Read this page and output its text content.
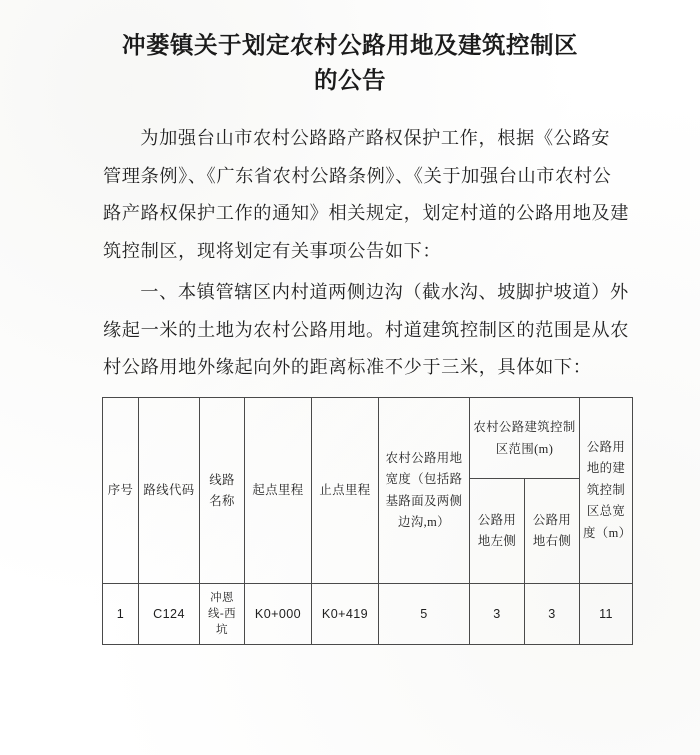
冲蒌镇关于划定农村公路用地及建筑控制区
的公告

为加强台山市农村公路路产路权保护工作，根据《公路安
管理条例》、《广东省农村公路条例》、《关于加强台山市农村公
路产路权保护工作的通知》相关规定，划定村道的公路用地及建
筑控制区，现将划定有关事项公告如下：

一、本镇管辖区内村道两侧边沟（截水沟、坡脚护坡道）外
缘起一米的土地为农村公路用地。村道建筑控制区的范围是从农
村公路用地外缘起向外的距离标准不少于三米，具体如下：

序号	路线代码	线路名称	起点里程	止点里程	农村公路用地宽度（包括路基路面及两侧边沟,m）	农村公路建筑控制区范围(m)		公路用地的建筑控制区总宽度（m）

						公路用地左侧	公路用地右侧	

1	C124	冲恩线-西坑	K0+000	K0+419	5	3	3	11
